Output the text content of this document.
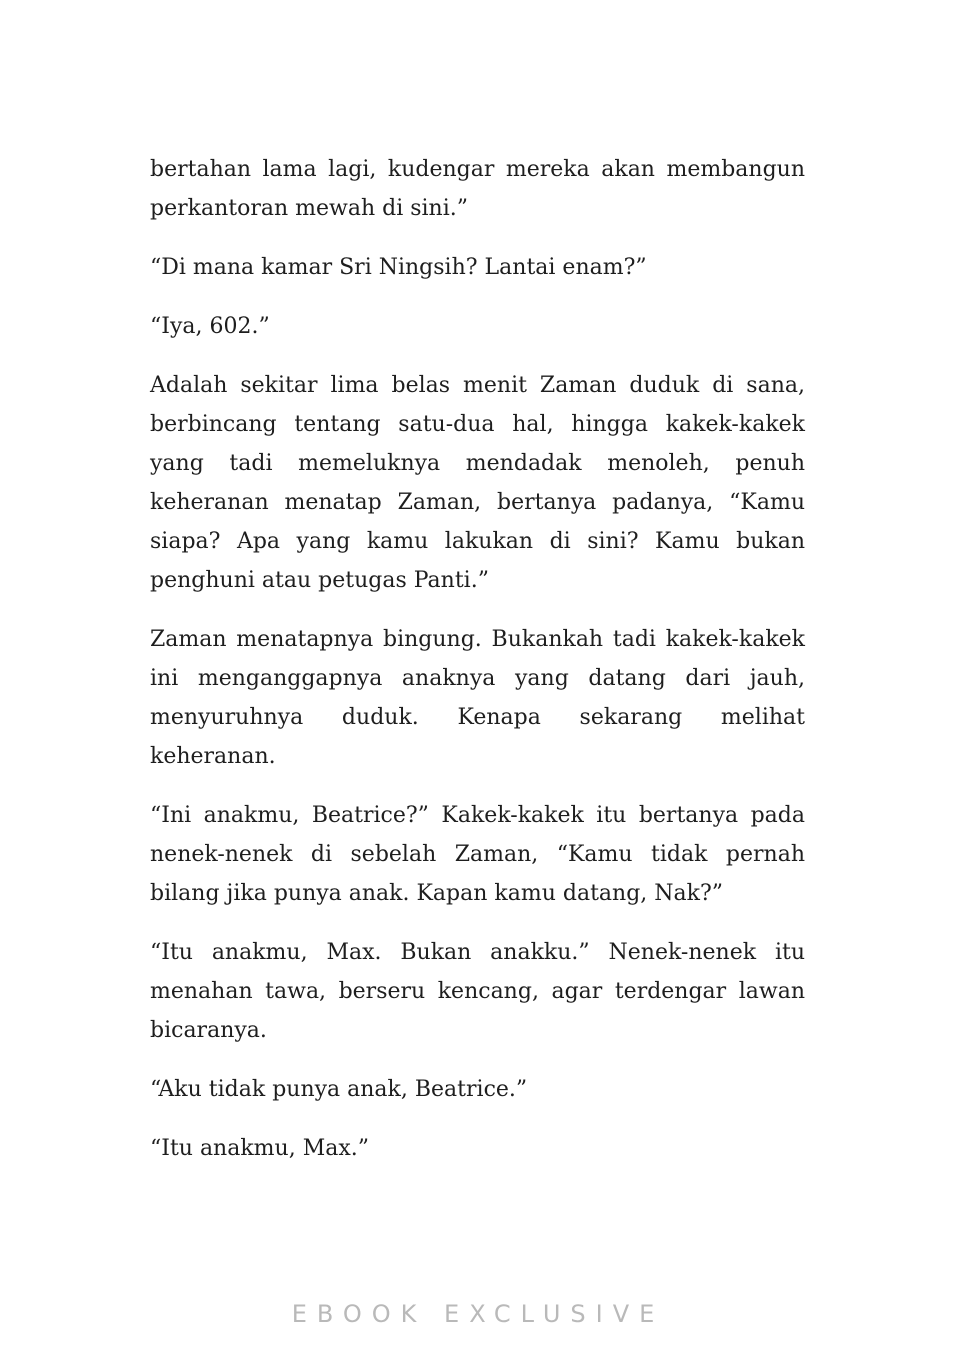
bertahan lama lagi, kudengar mereka akan membangun perkantoran mewah di sini.”

“Di mana kamar Sri Ningsih? Lantai enam?”

“Iya, 602.”

Adalah sekitar lima belas menit Zaman duduk di sana, berbincang tentang satu-dua hal, hingga kakek-kakek yang tadi memeluknya mendadak menoleh, penuh keheranan menatap Zaman, bertanya padanya, “Kamu siapa? Apa yang kamu lakukan di sini? Kamu bukan penghuni atau petugas Panti.”

Zaman menatapnya bingung. Bukankah tadi kakek-kakek ini menganggapnya anaknya yang datang dari jauh, menyuruhnya duduk. Kenapa sekarang melihat keheranan.

“Ini anakmu, Beatrice?” Kakek-kakek itu bertanya pada nenek-nenek di sebelah Zaman, “Kamu tidak pernah bilang jika punya anak. Kapan kamu datang, Nak?”

“Itu anakmu, Max. Bukan anakku.” Nenek-nenek itu menahan tawa, berseru kencang, agar terdengar lawan bicaranya.

“Aku tidak punya anak, Beatrice.”

“Itu anakmu, Max.”

EBOOK EXCLUSIVE
